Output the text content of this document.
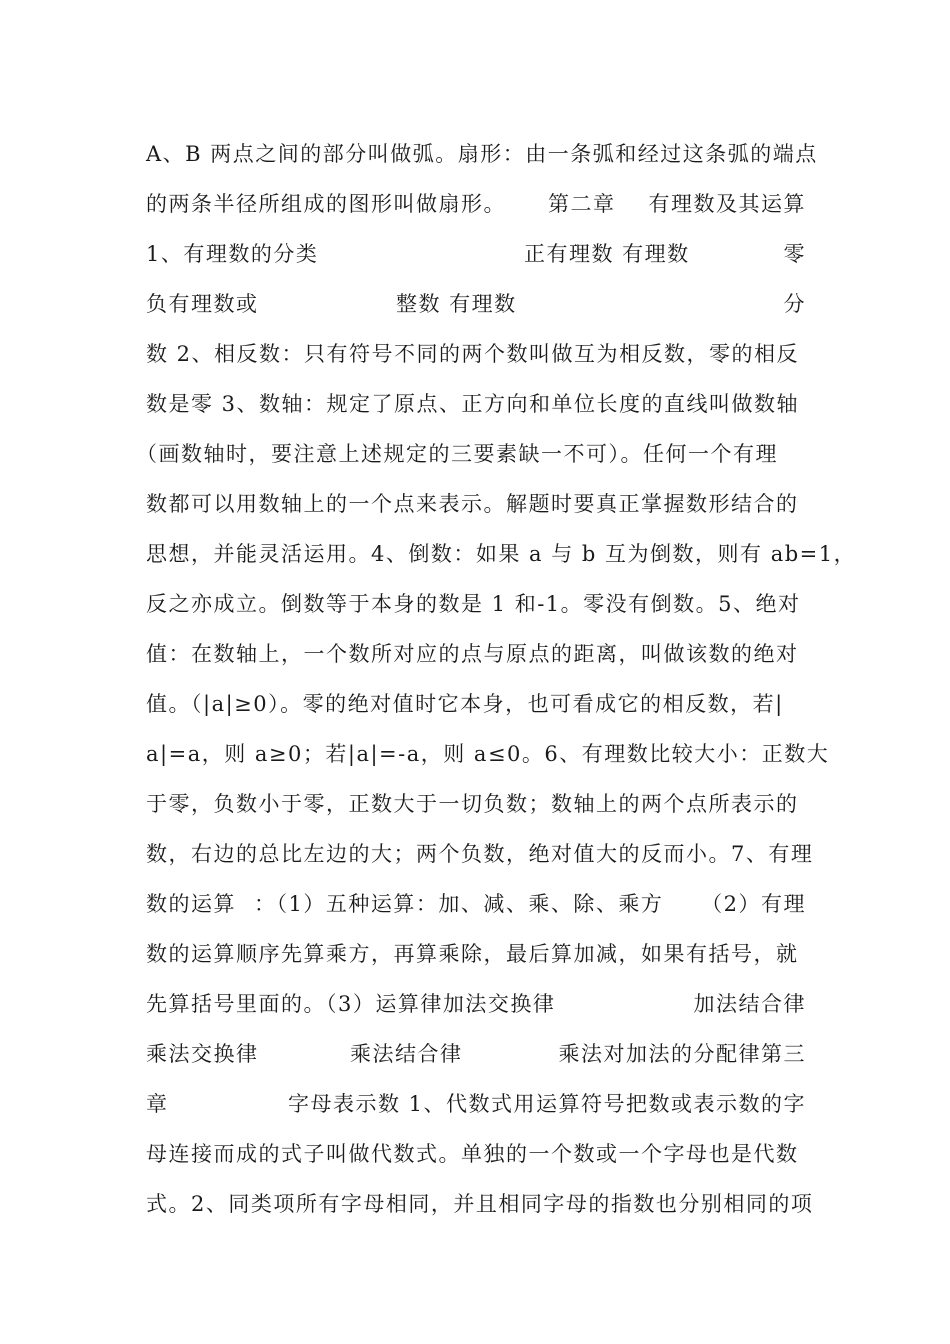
A、B 两点之间的部分叫做弧。扇形：由一条弧和经过这条弧的端点

的两条半径所组成的图形叫做扇形。

第二章

有理数及其运算

1、有理数的分类

	正有理数 有理数

	零

负有理数或

	整数 有理数

	分

数 2、相反数：只有符号不同的两个数叫做互为相反数，零的相反

数是零 3、数轴：规定了原点、正方向和单位长度的直线叫做数轴

（画数轴时，要注意上述规定的三要素缺一不可）。任何一个有理

数都可以用数轴上的一个点来表示。解题时要真正掌握数形结合的

思想，并能灵活运用。4、倒数：如果 a 与 b 互为倒数，则有 ab=1，

反之亦成立。倒数等于本身的数是 1 和-1。零没有倒数。5、绝对

值：在数轴上，一个数所对应的点与原点的距离，叫做该数的绝对

值。（|a|≥0）。零的绝对值时它本身，也可看成它的相反数，若|

a|=a，则 a≥0；若|a|=-a，则 a≤0。6、有理数比较大小：正数大

于零，负数小于零，正数大于一切负数；数轴上的两个点所表示的

数，右边的总比左边的大；两个负数，绝对值大的反而小。7、有理

数的运算

：（1）五种运算：加、减、乘、除、乘方

（2）有理

数的运算顺序先算乘方，再算乘除，最后算加减，如果有括号，就

先算括号里面的。（3）运算律加法交换律

	加法结合律

乘法交换律

	乘法结合律

	乘法对加法的分配律第三

章

	字母表示数 1、代数式用运算符号把数或表示数的字

母连接而成的式子叫做代数式。单独的一个数或一个字母也是代数

式。2、同类项所有字母相同，并且相同字母的指数也分别相同的项
